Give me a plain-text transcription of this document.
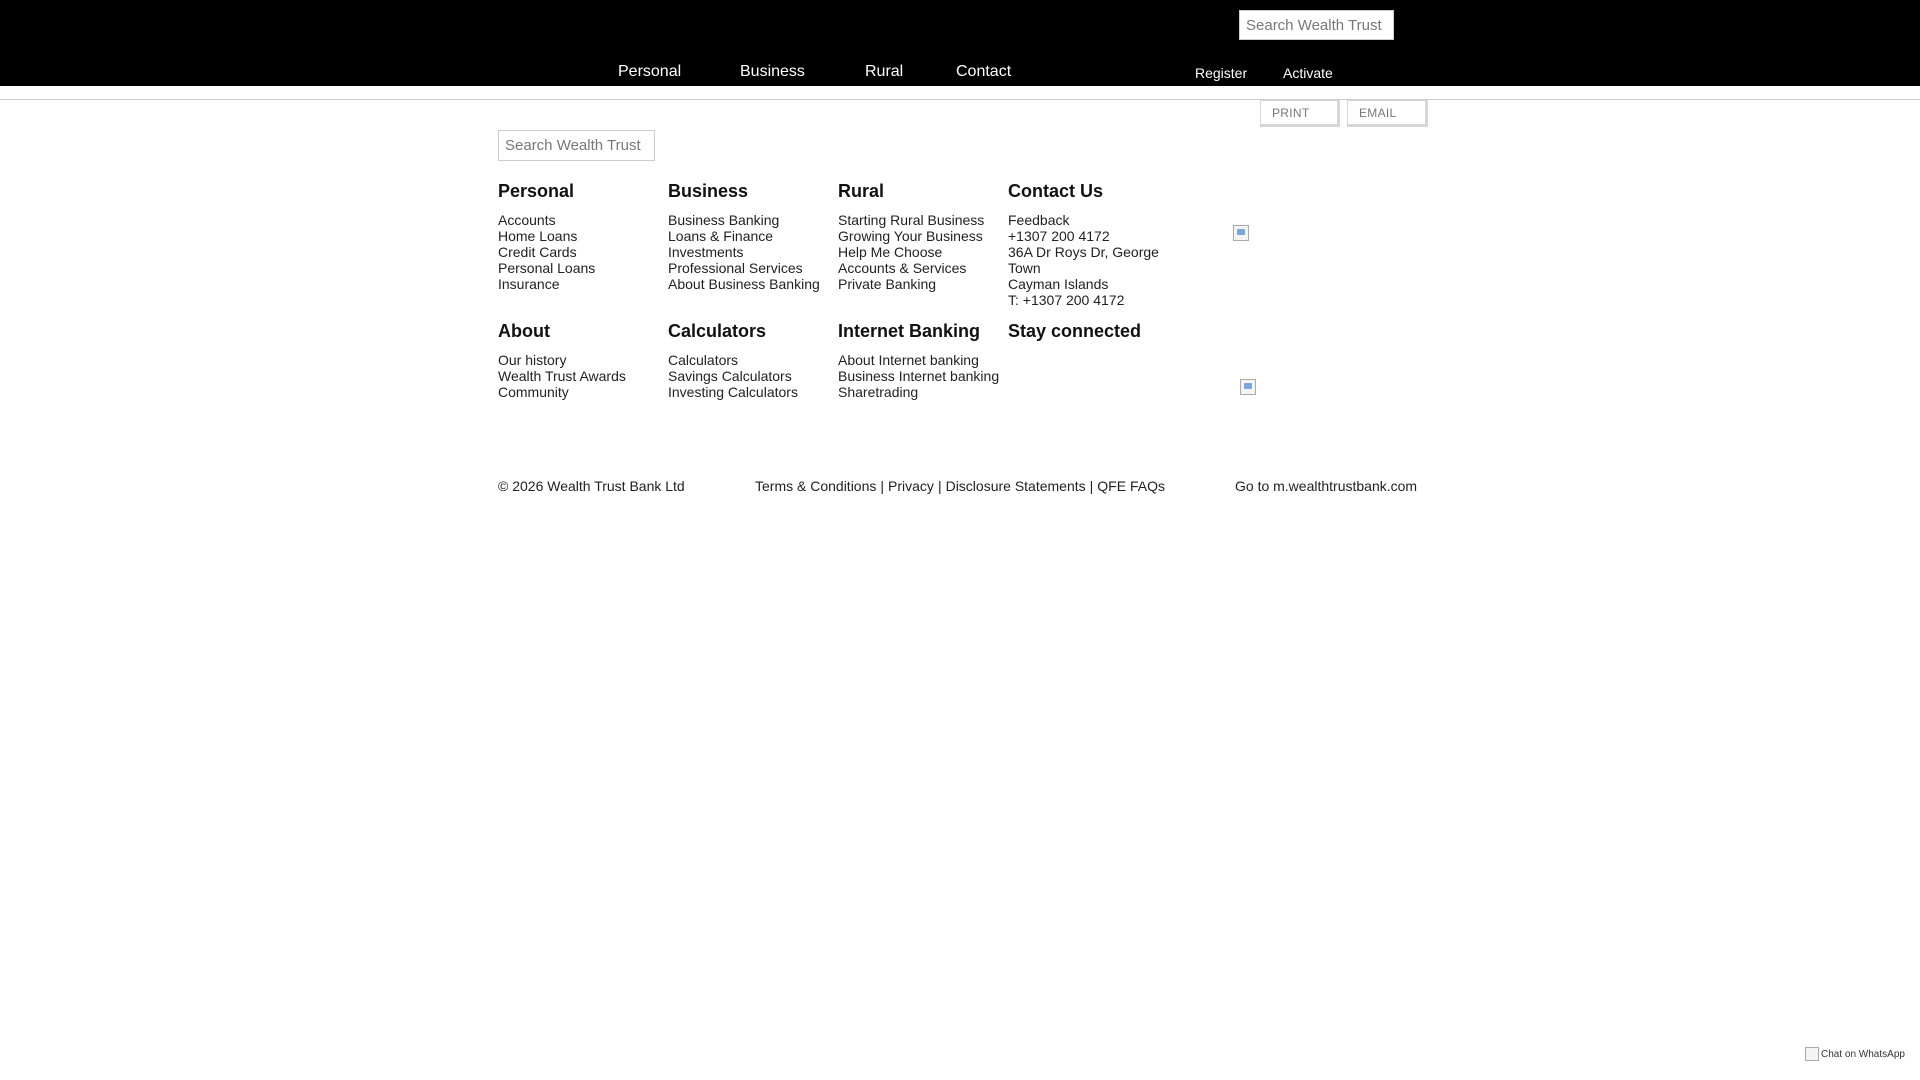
Search Wealth Trust
Personal	Business	Rural	Contact	Register	Activate
PRINT	EMAIL
Search Wealth Trust
Personal
Accounts
Home Loans
Credit Cards
Personal Loans
Insurance
Business
Business Banking
Loans & Finance
Investments
Professional Services
About Business Banking
Rural
Starting Rural Business
Growing Your Business
Help Me Choose
Accounts & Services
Private Banking
Contact Us
Feedback
+1307 200 4172
36A Dr Roys Dr, George Town
Cayman Islands
T: +1307 200 4172
About
Our history
Wealth Trust Awards
Community
Calculators
Calculators
Savings Calculators
Investing Calculators
Internet Banking
About Internet banking
Business Internet banking
Sharetrading
Stay connected
© 2026 Wealth Trust Bank Ltd	Terms & Conditions | Privacy | Disclosure Statements | QFE FAQs	Go to m.wealthtrustbank.com
Chat on WhatsApp
